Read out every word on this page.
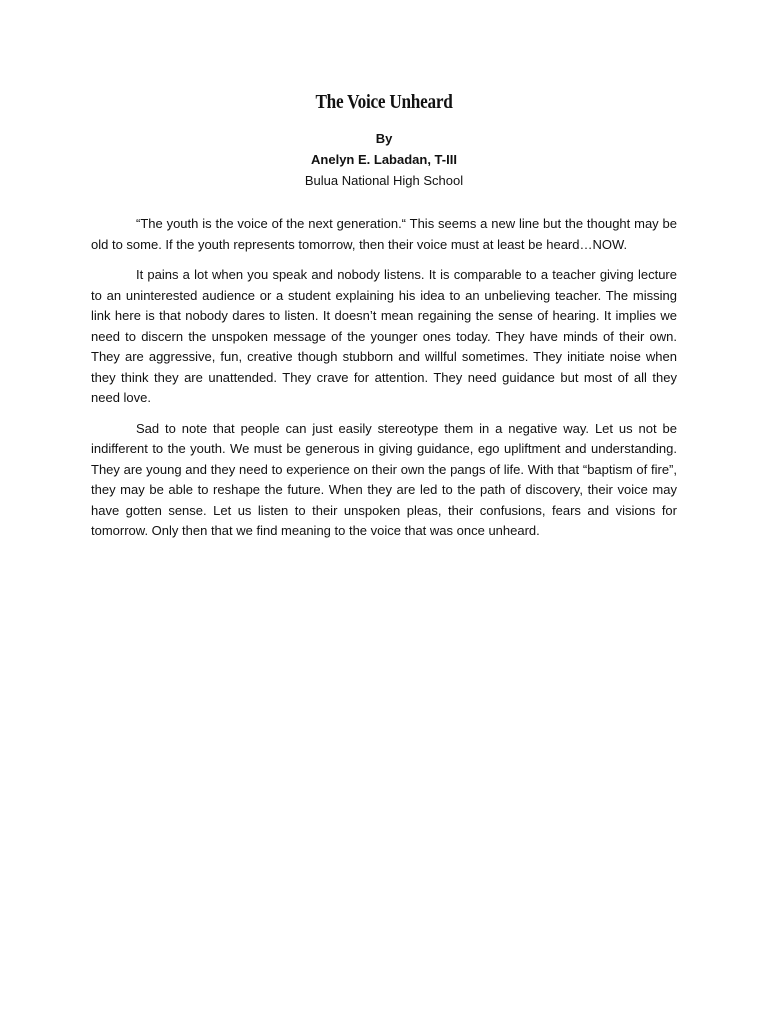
The Voice Unheard
By
Anelyn E. Labadan, T-III
Bulua National High School

“The youth is the voice of the next generation.“ This seems a new line but the thought may be old to some. If the youth represents tomorrow, then their voice must at least be heard…NOW.

It pains a lot when you speak and nobody listens. It is comparable to a teacher giving lecture to an uninterested audience or a student explaining his idea to an unbelieving teacher. The missing link here is that nobody dares to listen. It doesn’t mean regaining the sense of hearing. It implies we need to discern the unspoken message of the younger ones today. They have minds of their own. They are aggressive, fun, creative though stubborn and willful sometimes. They initiate noise when they think they are unattended. They crave for attention. They need guidance but most of all they need love.

Sad to note that people can just easily stereotype them in a negative way. Let us not be indifferent to the youth. We must be generous in giving guidance, ego upliftment and understanding. They are young and they need to experience on their own the pangs of life. With that “baptism of fire”, they may be able to reshape the future. When they are led to the path of discovery, their voice may have gotten sense. Let us listen to their unspoken pleas, their confusions, fears and visions for tomorrow. Only then that we find meaning to the voice that was once unheard.
